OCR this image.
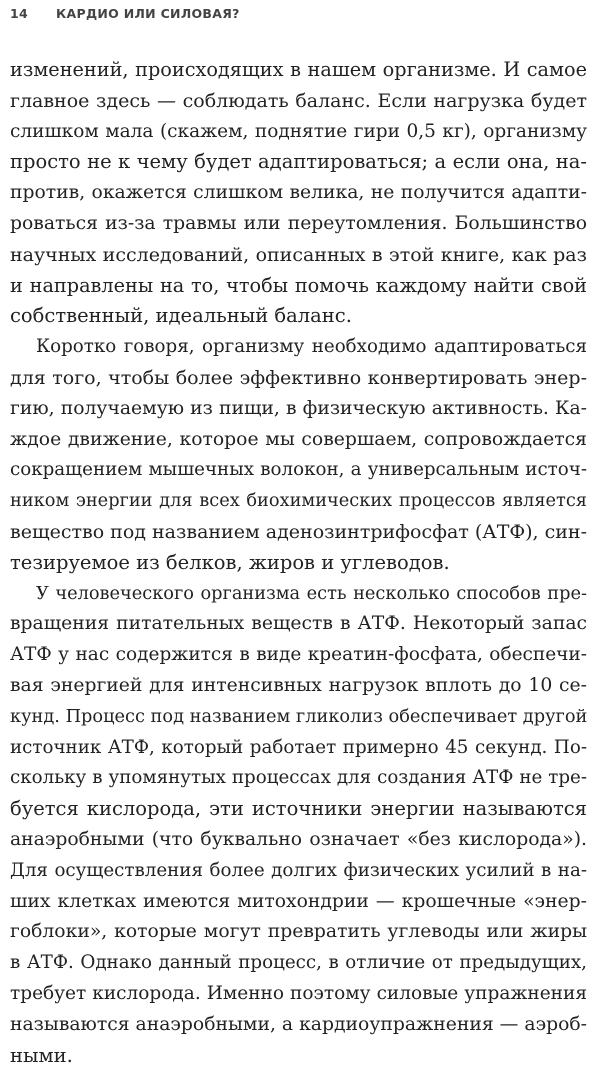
14	КАРДИО ИЛИ СИЛОВАЯ?
изменений, происходящих в нашем организме. И самое
главное здесь — соблюдать баланс. Если нагрузка будет
слишком мала (скажем, поднятие гири 0,5 кг), организму
просто не к чему будет адаптироваться; а если она, на-
против, окажется слишком велика, не получится адапти-
роваться из-за травмы или переутомления. Большинство
научных исследований, описанных в этой книге, как раз
и направлены на то, чтобы помочь каждому найти свой
собственный, идеальный баланс.
Коротко говоря, организму необходимо адаптироваться
для того, чтобы более эффективно конвертировать энер-
гию, получаемую из пищи, в физическую активность. Ка-
ждое движение, которое мы совершаем, сопровождается
сокращением мышечных волокон, а универсальным источ-
ником энергии для всех биохимических процессов является
вещество под названием аденозинтрифосфат (АТФ), син-
тезируемое из белков, жиров и углеводов.
У человеческого организма есть несколько способов пре-
вращения питательных веществ в АТФ. Некоторый запас
АТФ у нас содержится в виде креатин-фосфата, обеспечи-
вая энергией для интенсивных нагрузок вплоть до 10 се-
кунд. Процесс под названием гликолиз обеспечивает другой
источник АТФ, который работает примерно 45 секунд. По-
скольку в упомянутых процессах для создания АТФ не тре-
буется кислорода, эти источники энергии называются
анаэробными (что буквально означает «без кислорода»).
Для осуществления более долгих физических усилий в на-
ших клетках имеются митохондрии — крошечные «энер-
гоблоки», которые могут превратить углеводы или жиры
в АТФ. Однако данный процесс, в отличие от предыдущих,
требует кислорода. Именно поэтому силовые упражнения
называются анаэробными, а кардиоупражнения — аэроб-
ными.
